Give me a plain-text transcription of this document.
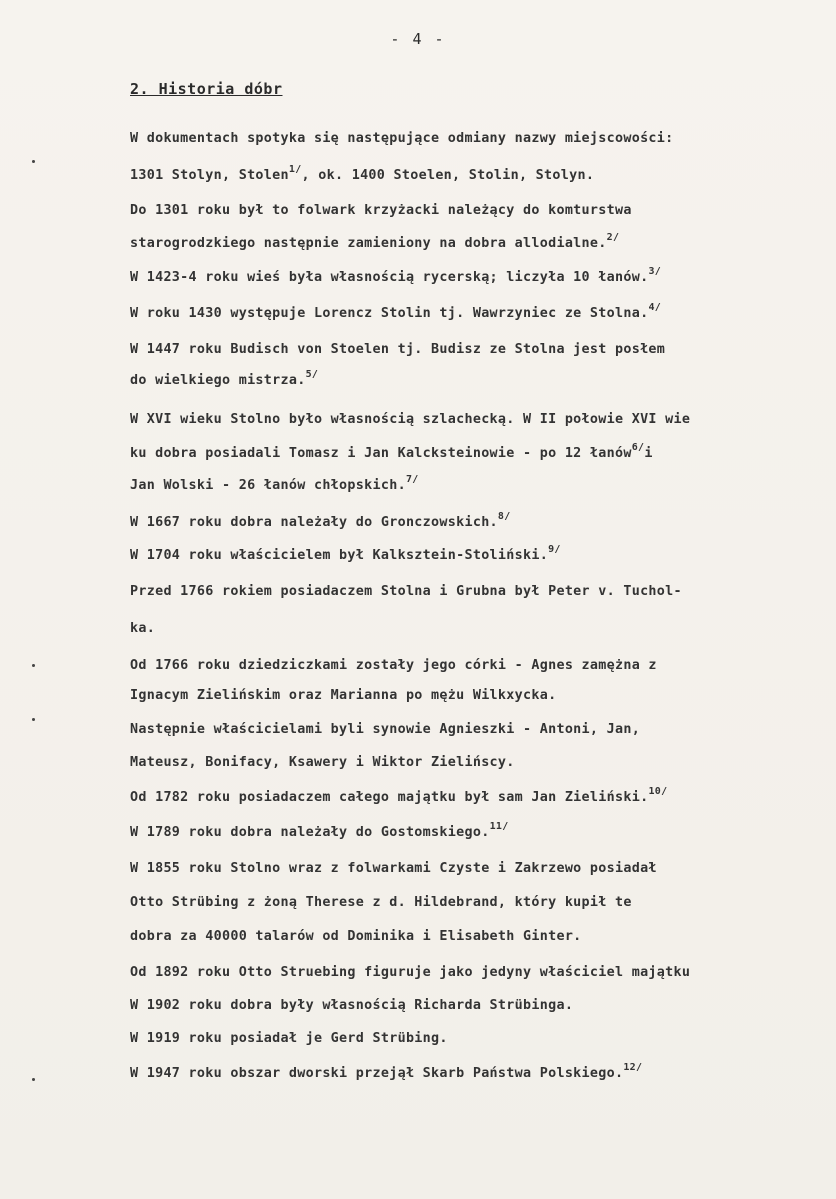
- 4 -
2. Historia dóbr
W dokumentach spotyka się następujące odmiany nazwy miejscowości:
1301 Stolyn, Stolen$^{1/}$, ok. 1400 Stoelen, Stolin, Stolyn.
Do 1301 roku był to folwark krzyżacki należący do komturstwa
starogrodzkiego następnie zamieniony na dobra allodialne.$^{2/}$
W 1423-4 roku wieś była własnością rycerską; liczyła 10 łanów.$^{3/}$
W roku 1430 występuje Lorencz Stolin tj. Wawrzyniec ze Stolna.$^{4/}$
W 1447 roku Budisch von Stoelen tj. Budisz ze Stolna jest posłem
do wielkiego mistrza.$^{5/}$
W XVI wieku Stolno było własnością szlachecką. W II połowie XVI wie
ku dobra posiadali Tomasz i Jan Kalcksteinowie - po 12 łanów$^{6/}$i
Jan Wolski - 26 łanów chłopskich.$^{7/}$
W 1667 roku dobra należały do Gronczowskich.$^{8/}$
W 1704 roku właścicielem był Kalksztein-Stoliński.$^{9/}$
Przed 1766 rokiem posiadaczem Stolna i Grubna był Peter v. Tuchol-
ka.
Od 1766 roku dziedziczkami zostały jego córki - Agnes zamężna z
Ignacym Zielińskim oraz Marianna po mężu Wilkxycka.
Następnie właścicielami byli synowie Agnieszki - Antoni, Jan,
Mateusz, Bonifacy, Ksawery i Wiktor Zielińscy.
Od 1782 roku posiadaczem całego majątku był sam Jan Zieliński.$^{10/}$
W 1789 roku dobra należały do Gostomskiego.$^{11/}$
W 1855 roku Stolno wraz z folwarkami Czyste i Zakrzewo posiadał
Otto Strübing z żoną Therese z d. Hildebrand, który kupił te
dobra za 40000 talarów od Dominika i Elisabeth Ginter.
Od 1892 roku Otto Struebing figuruje jako jedyny właściciel majątku
W 1902 roku dobra były własnością Richarda Strübinga.
W 1919 roku posiadał je Gerd Strübing.
W 1947 roku obszar dworski przejął Skarb Państwa Polskiego.$^{12/}$
